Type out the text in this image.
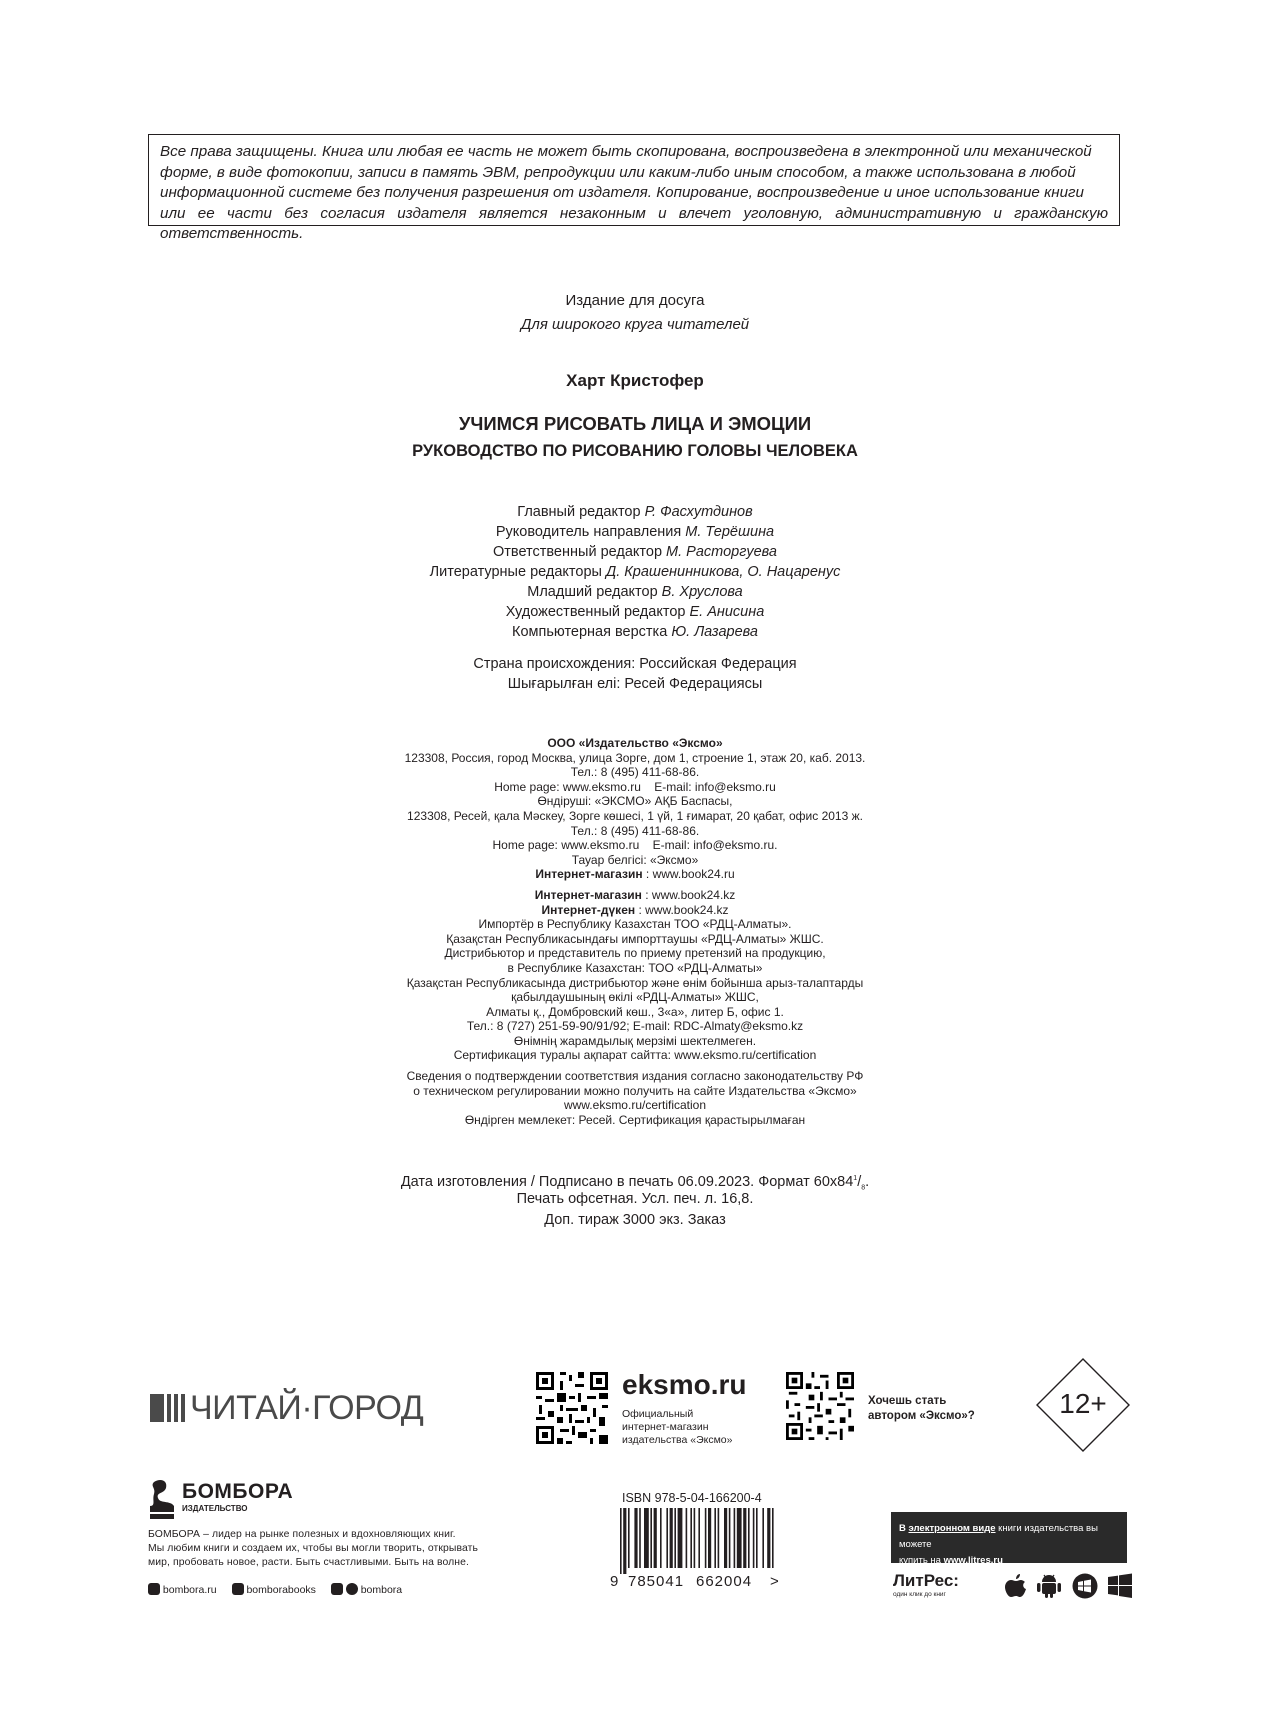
Все права защищены. Книга или любая ее часть не может быть скопирована, воспроизведена в электронной или механической

форме, в виде фотокопии, записи в память ЭВМ, репродукции или каким-либо иным способом, а также использована в любой

информационной системе без получения разрешения от издателя. Копирование, воспроизведение и иное использование книги

или ее части без согласия издателя является незаконным и влечет уголовную, административную и гражданскую ответственность.

Издание для досуга
Для широкого круга читателей
Харт Кристофер
УЧИМСЯ РИСОВАТЬ ЛИЦА И ЭМОЦИИ
РУКОВОДСТВО ПО РИСОВАНИЮ ГОЛОВЫ ЧЕЛОВЕКА
Главный редактор Р. Фасхутдинов
Руководитель направления М. Терёшина
Ответственный редактор М. Расторгуева
Литературные редакторы Д. Крашенинникова, О. Нацаренус
Младший редактор В. Хруслова
Художественный редактор Е. Анисина
Компьютерная верстка Ю. Лазарева
Страна происхождения: Российская Федерация
Шығарылған елі: Ресей Федерациясы
ООО «Издательство «Эксмо»
123308, Россия, город Москва, улица Зорге, дом 1, строение 1, этаж 20, каб. 2013.
Тел.: 8 (495) 411-68-86.
Home page: www.eksmo.ru    E-mail: info@eksmo.ru
Өндіруші: «ЭКСМО» АҚБ Баспасы,
123308, Ресей, қала Мәскеу, Зорге көшесі, 1 үй, 1 ғимарат, 20 қабат, офис 2013 ж.
Тел.: 8 (495) 411-68-86.
Home page: www.eksmo.ru    E-mail: info@eksmo.ru.
Тауар белгісі: «Эксмо»
Интернет-магазин : www.book24.ru
Интернет-магазин : www.book24.kz
Интернет-дүкен : www.book24.kz
Импортёр в Республику Казахстан ТОО «РДЦ-Алматы».
Қазақстан Республикасындағы импорттаушы «РДЦ-Алматы» ЖШС.
Дистрибьютор и представитель по приему претензий на продукцию,
в Республике Казахстан: ТОО «РДЦ-Алматы»
Қазақстан Республикасында дистрибьютор және өнім бойынша арыз-талаптарды
қабылдаушының өкілі «РДЦ-Алматы» ЖШС,
Алматы қ., Домбровский көш., 3«а», литер Б, офис 1.
Тел.: 8 (727) 251-59-90/91/92; E-mail: RDC-Almaty@eksmo.kz
Өнімнің жарамдылық мерзімі шектелмеген.
Сертификация туралы ақпарат сайтта: www.eksmo.ru/certification
Сведения о подтверждении соответствия издания согласно законодательству РФ
о техническом регулировании можно получить на сайте Издательства «Эксмо»
www.eksmo.ru/certification
Өндірген мемлекет: Ресей. Сертификация қарастырылмаған
Дата изготовления / Подписано в печать 06.09.2023. Формат $60x84^1/_8$.
Печать офсетная. Усл. печ. л. 16,8.
Доп. тираж 3000 экз. Заказ
ЧИТАЙ·ГОРОД
eksmo.ru
Официальный
интернет-магазин
издательства «Эксмо»
Хочешь стать
автором «Эксмо»?	12+
БОМБОРА
ИЗДАТЕЛЬСТВО
БОМБОРА – лидер на рынке полезных и вдохновляющих книг.
Мы любим книги и создаем их, чтобы вы могли творить, открывать
мир, пробовать новое, расти. Быть счастливыми. Быть на волне.
bombora.ru	bomborabooks	bombora
ISBN 978-5-04-166200-4
9 785041 662004 >
В электронном виде книги издательства вы можете
купить на www.litres.ru
ЛитРес:
один клик до книг
